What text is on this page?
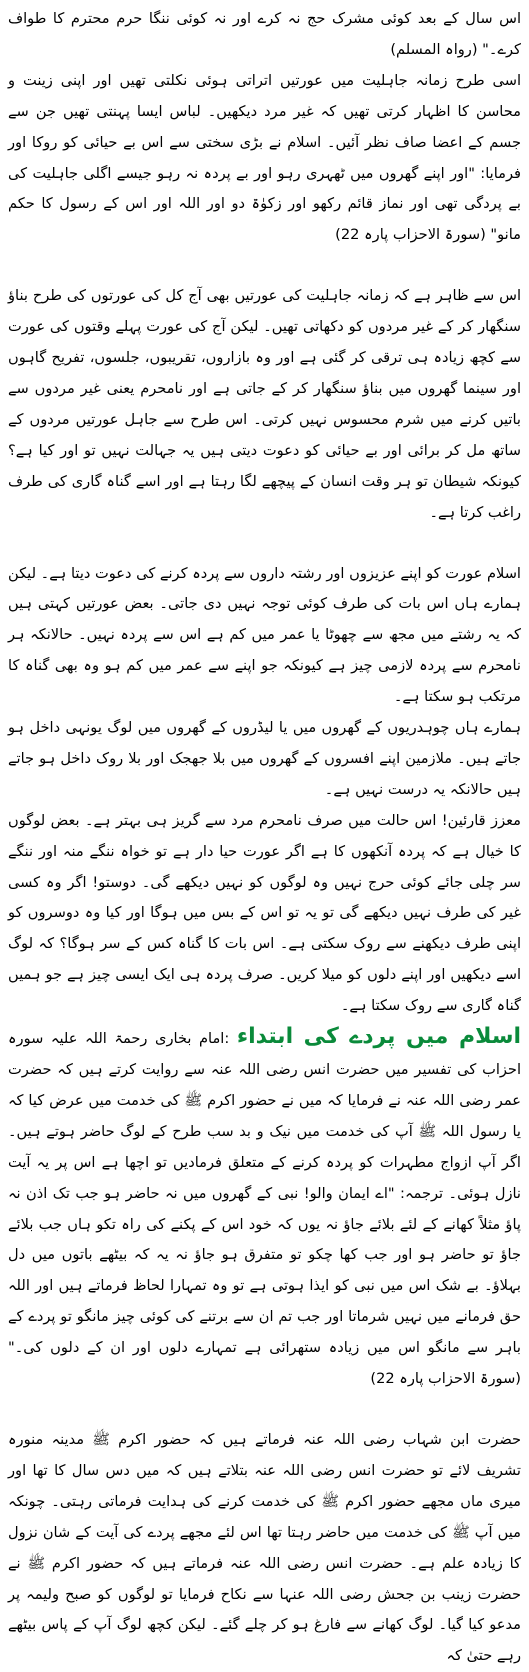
اس سال کے بعد کوئی مشرک حج نہ کرے اور نہ کوئی ننگا حرم محترم کا طواف کرے۔" (رواہ المسلم)

اسی طرح زمانہ جاہلیت میں عورتیں اتراتی ہوئی نکلتی تھیں اور اپنی زینت و محاسن کا اظہار کرتی تھیں کہ غیر مرد دیکھیں۔ لباس ایسا پہنتی تھیں جن سے جسم کے اعضا صاف نظر آئیں۔ اسلام نے بڑی سختی سے اس بے حیائی کو روکا اور فرمایا: "اور اپنے گھروں میں ٹھہری رہو اور بے پردہ نہ رہو جیسے اگلی جاہلیت کی بے پردگی تھی اور نماز قائم رکھو اور زکوٰۃ دو اور اللہ اور اس کے رسول کا حکم مانو" (سورۃ الاحزاب پارہ 22)

اس سے ظاہر ہے کہ زمانہ جاہلیت کی عورتیں بھی آج کل کی عورتوں کی طرح بناؤ سنگھار کر کے غیر مردوں کو دکھاتی تھیں۔ لیکن آج کی عورت پہلے وقتوں کی عورت سے کچھ زیادہ ہی ترقی کر گئی ہے اور وہ بازاروں، تقریبوں، جلسوں، تفریح گاہوں اور سینما گھروں میں بناؤ سنگھار کر کے جاتی ہے اور نامحرم یعنی غیر مردوں سے باتیں کرنے میں شرم محسوس نہیں کرتی۔ اس طرح سے جاہل عورتیں مردوں کے ساتھ مل کر برائی اور بے حیائی کو دعوت دیتی ہیں یہ جہالت نہیں تو اور کیا ہے؟ کیونکہ شیطان تو ہر وقت انسان کے پیچھے لگا رہتا ہے اور اسے گناہ گاری کی طرف راغب کرتا ہے۔

اسلام عورت کو اپنے عزیزوں اور رشتہ داروں سے پردہ کرنے کی دعوت دیتا ہے۔ لیکن ہمارے ہاں اس بات کی طرف کوئی توجہ نہیں دی جاتی۔ بعض عورتیں کہتی ہیں کہ یہ رشتے میں مجھ سے چھوٹا یا عمر میں کم ہے اس سے پردہ نہیں۔ حالانکہ ہر نامحرم سے پردہ لازمی چیز ہے کیونکہ جو اپنے سے عمر میں کم ہو وہ بھی گناہ کا مرتکب ہو سکتا ہے۔

ہمارے ہاں چوہدریوں کے گھروں میں یا لیڈروں کے گھروں میں لوگ یونہی داخل ہو جاتے ہیں۔ ملازمین اپنے افسروں کے گھروں میں بلا جھجک اور بلا روک داخل ہو جاتے ہیں حالانکہ یہ درست نہیں ہے۔

معزز قارئین! اس حالت میں صرف نامحرم مرد سے گریز ہی بہتر ہے۔ بعض لوگوں کا خیال ہے کہ پردہ آنکھوں کا ہے اگر عورت حیا دار ہے تو خواہ ننگے منہ اور ننگے سر چلی جائے کوئی حرج نہیں وہ لوگوں کو نہیں دیکھے گی۔ دوستو! اگر وہ کسی غیر کی طرف نہیں دیکھے گی تو یہ تو اس کے بس میں ہوگا اور کیا وہ دوسروں کو اپنی طرف دیکھنے سے روک سکتی ہے۔ اس بات کا گناہ کس کے سر ہوگا؟ کہ لوگ اسے دیکھیں اور اپنے دلوں کو میلا کریں۔ صرف پردہ ہی ایک ایسی چیز ہے جو ہمیں گناہ گاری سے روک سکتا ہے۔

اسلام میں پردے کی ابتداء :امام بخاری رحمۃ اللہ علیہ سورہ احزاب کی تفسیر میں حضرت انس رضی اللہ عنہ سے روایت کرتے ہیں کہ حضرت عمر رضی اللہ عنہ نے فرمایا کہ میں نے حضور اکرم ﷺ کی خدمت میں عرض کیا کہ یا رسول اللہ ﷺ آپ کی خدمت میں نیک و بد سب طرح کے لوگ حاضر ہوتے ہیں۔ اگر آپ ازواج مطہرات کو پردہ کرنے کے متعلق فرمادیں تو اچھا ہے اس پر یہ آیت نازل ہوئی۔ ترجمہ: "اے ایمان والو! نبی کے گھروں میں نہ حاضر ہو جب تک اذن نہ پاؤ مثلاً کھانے کے لئے بلائے جاؤ نہ یوں کہ خود اس کے پکنے کی راہ تکو ہاں جب بلائے جاؤ تو حاضر ہو اور جب کھا چکو تو متفرق ہو جاؤ نہ یہ کہ بیٹھے باتوں میں دل بہلاؤ۔ بے شک اس میں نبی کو ایذا ہوتی ہے تو وہ تمہارا لحاظ فرماتے ہیں اور اللہ حق فرمانے میں نہیں شرماتا اور جب تم ان سے برتنے کی کوئی چیز مانگو تو پردے کے باہر سے مانگو اس میں زیادہ ستھرائی ہے تمہارے دلوں اور ان کے دلوں کی۔" (سورۃ الاحزاب پارہ 22)

حضرت ابن شہاب رضی اللہ عنہ فرماتے ہیں کہ حضور اکرم ﷺ مدینہ منورہ تشریف لائے تو حضرت انس رضی اللہ عنہ بتلاتے ہیں کہ میں دس سال کا تھا اور میری ماں مجھے حضور اکرم ﷺ کی خدمت کرنے کی ہدایت فرماتی رہتی۔ چونکہ میں آپ ﷺ کی خدمت میں حاضر رہتا تھا اس لئے مجھے پردے کی آیت کے شان نزول کا زیادہ علم ہے۔ حضرت انس رضی اللہ عنہ فرماتے ہیں کہ حضور اکرم ﷺ نے حضرت زینب بن جحش رضی اللہ عنہا سے نکاح فرمایا تو لوگوں کو صبح ولیمہ پر مدعو کیا گیا۔ لوگ کھانے سے فارغ ہو کر چلے گئے۔ لیکن کچھ لوگ آپ کے پاس بیٹھے رہے حتیٰ کہ
